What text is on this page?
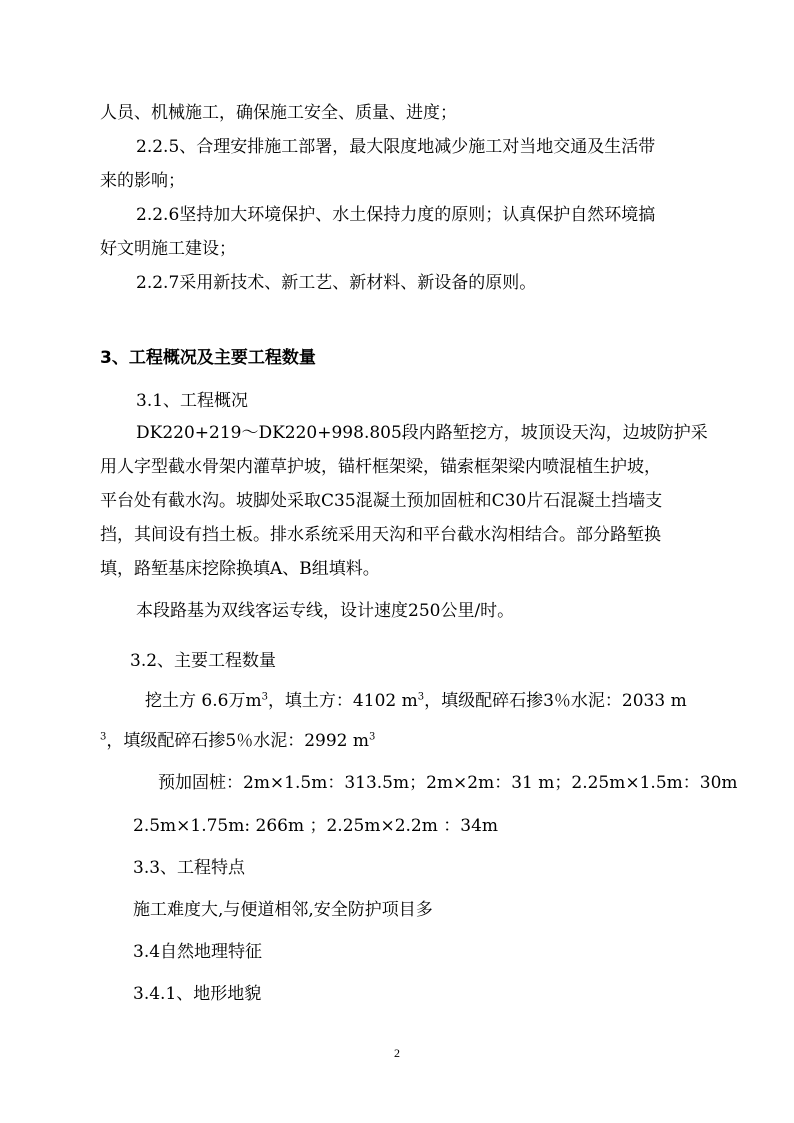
人员、机械施工，确保施工安全、质量、进度；
2.2.5、合理安排施工部署，最大限度地减少施工对当地交通及生活带
来的影响；
2.2.6坚持加大环境保护、水土保持力度的原则；认真保护自然环境搞
好文明施工建设；
2.2.7采用新技术、新工艺、新材料、新设备的原则。
3、工程概况及主要工程数量
3.1、工程概况
DK220+219～DK220+998.805段内路堑挖方，坡顶设天沟，边坡防护采
用人字型截水骨架内灌草护坡，锚杆框架梁，锚索框架梁内喷混植生护坡，
平台处有截水沟。坡脚处采取C35混凝土预加固桩和C30片石混凝土挡墙支
挡，其间设有挡土板。排水系统采用天沟和平台截水沟相结合。部分路堑换
填，路堑基床挖除换填A、B组填料。
本段路基为双线客运专线，设计速度250公里/时。
3.2、主要工程数量
挖土方 6.6万$m^3$，填土方：4102 $m^3$，填级配碎石掺3％水泥：2033 m
$^3$，填级配碎石掺5％水泥：2992 $m^3$
预加固桩：2m×1.5m：313.5m；2m×2m：31 m；2.25m×1.5m：30m
2.5m×1.75m: 266m ；2.25m×2.2m ：34m
3.3、工程特点
施工难度大,与便道相邻,安全防护项目多
3.4自然地理特征
3.4.1、地形地貌
2
